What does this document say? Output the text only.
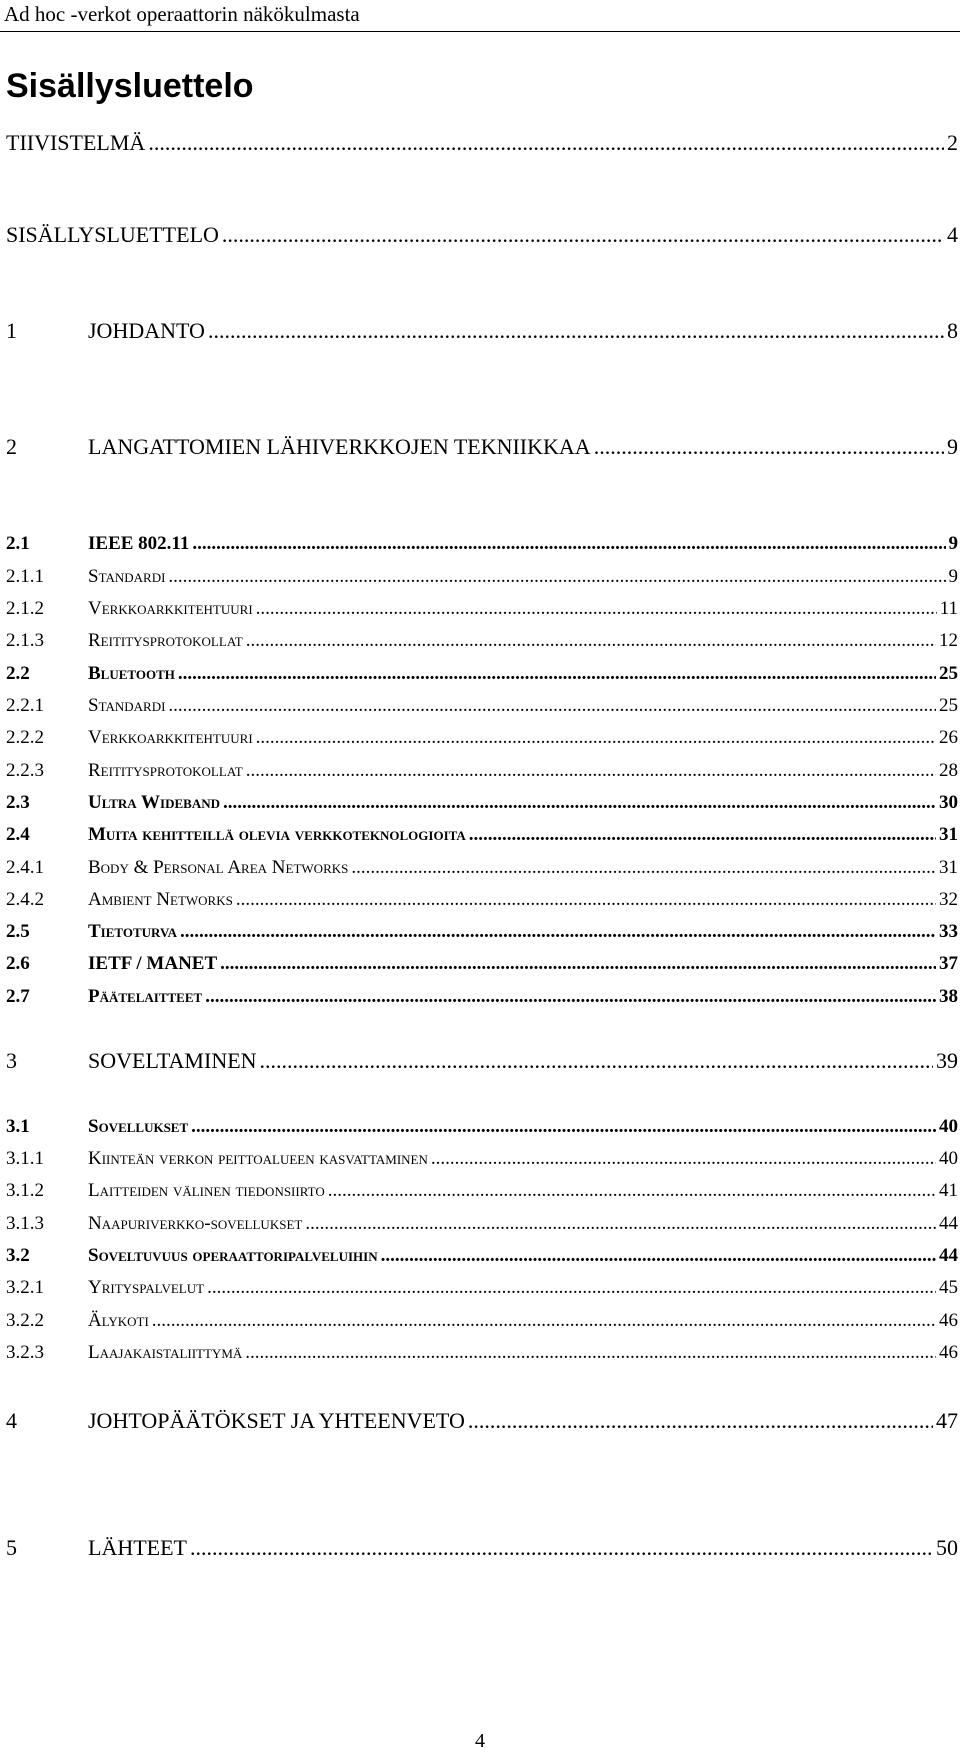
Ad hoc -verkot operaattorin näkökulmasta
Sisällysluettelo
TIIVISTELMÄ .....	2
SISÄLLYSLUETTELO .....	4
1	JOHDANTO .....	8
2	LANGATTOMIEN LÄHIVERKKOJEN TEKNIIKKAA .....	9
2.1	IEEE 802.11 .....	9
2.1.1	Standardi .....	9
2.1.2	Verkkoarkkitehtuuri .....	11
2.1.3	Reititysprotokollat .....	12
2.2	Bluetooth .....	25
2.2.1	Standardi .....	25
2.2.2	Verkkoarkkitehtuuri .....	26
2.2.3	Reititysprotokollat .....	28
2.3	Ultra Wideband .....	30
2.4	Muita kehitteillä olevia verkkoteknologioita .....	31
2.4.1	Body & Personal Area Networks .....	31
2.4.2	Ambient Networks .....	32
2.5	Tietoturva .....	33
2.6	IETF / MANET .....	37
2.7	Päätelaitteet .....	38
3	SOVELTAMINEN .....	39
3.1	Sovellukset .....	40
3.1.1	Kiinteän verkon peittoalueen kasvattaminen .....	40
3.1.2	Laitteiden välinen tiedonsiirto .....	41
3.1.3	Naapuriverkko-sovellukset .....	44
3.2	Soveltuvuus operaattoripalveluihin .....	44
3.2.1	Yrityspalvelut .....	45
3.2.2	Älykoti .....	46
3.2.3	Laajakaistaliittymä .....	46
4	JOHTOPÄÄTÖKSET JA YHTEENVETO .....	47
5	LÄHTEET .....	50
4
